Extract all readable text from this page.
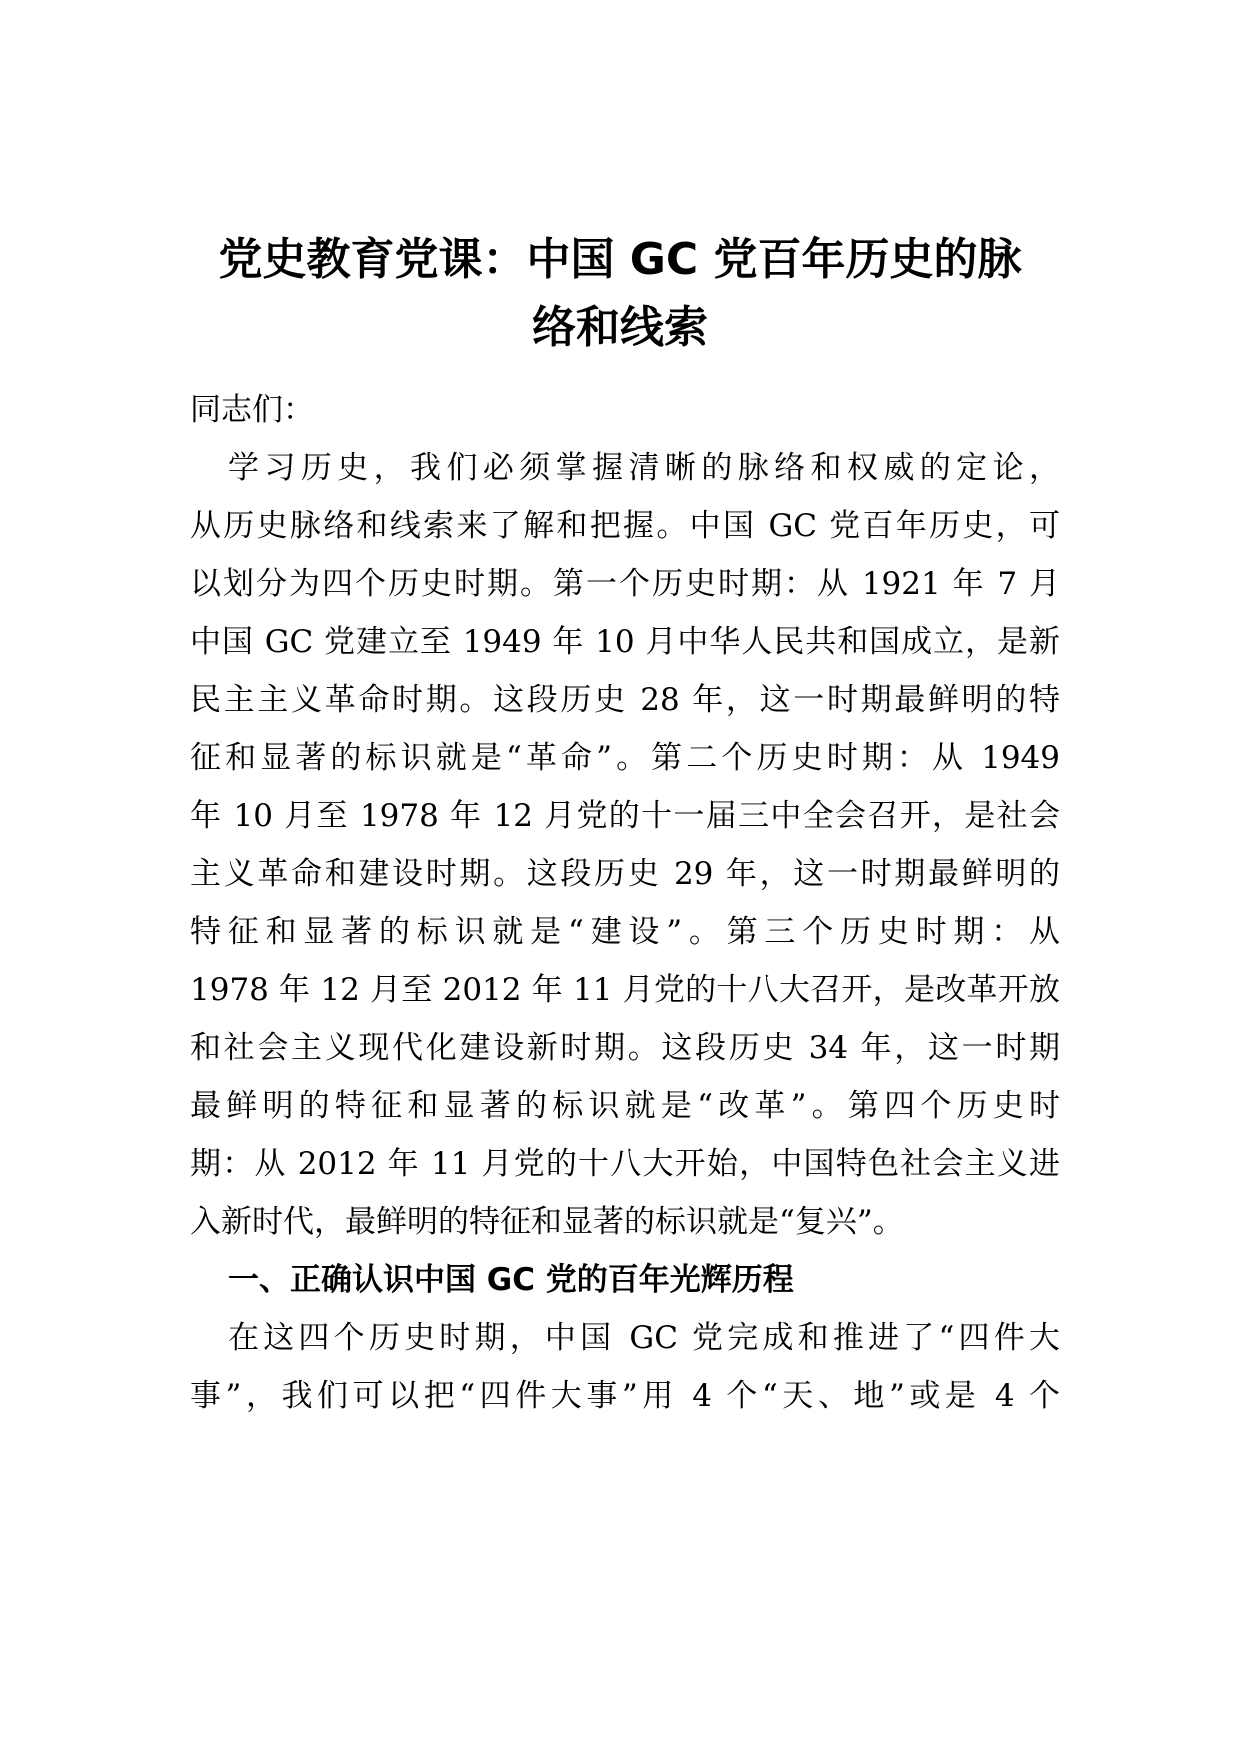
党史教育党课：中国 GC 党百年历史的脉
络和线索

同志们：

学习历史，我们必须掌握清晰的脉络和权威的定论，

从历史脉络和线索来了解和把握。中国 GC 党百年历史，可

以划分为四个历史时期。第一个历史时期：从 1921 年 7 月

中国 GC 党建立至 1949 年 10 月中华人民共和国成立，是新

民主主义革命时期。这段历史 28 年，这一时期最鲜明的特

征和显著的标识就是“革命”。第二个历史时期：从 1949

年 10 月至 1978 年 12 月党的十一届三中全会召开，是社会

主义革命和建设时期。这段历史 29 年，这一时期最鲜明的

特征和显著的标识就是“建设”。第三个历史时期：从

1978 年 12 月至 2012 年 11 月党的十八大召开，是改革开放

和社会主义现代化建设新时期。这段历史 34 年，这一时期

最鲜明的特征和显著的标识就是“改革”。第四个历史时

期：从 2012 年 11 月党的十八大开始，中国特色社会主义进

入新时代，最鲜明的特征和显著的标识就是“复兴”。

一、正确认识中国 GC 党的百年光辉历程

在这四个历史时期，中国 GC 党完成和推进了“四件大

事”，我们可以把“四件大事”用 4 个“天、地”或是 4 个
